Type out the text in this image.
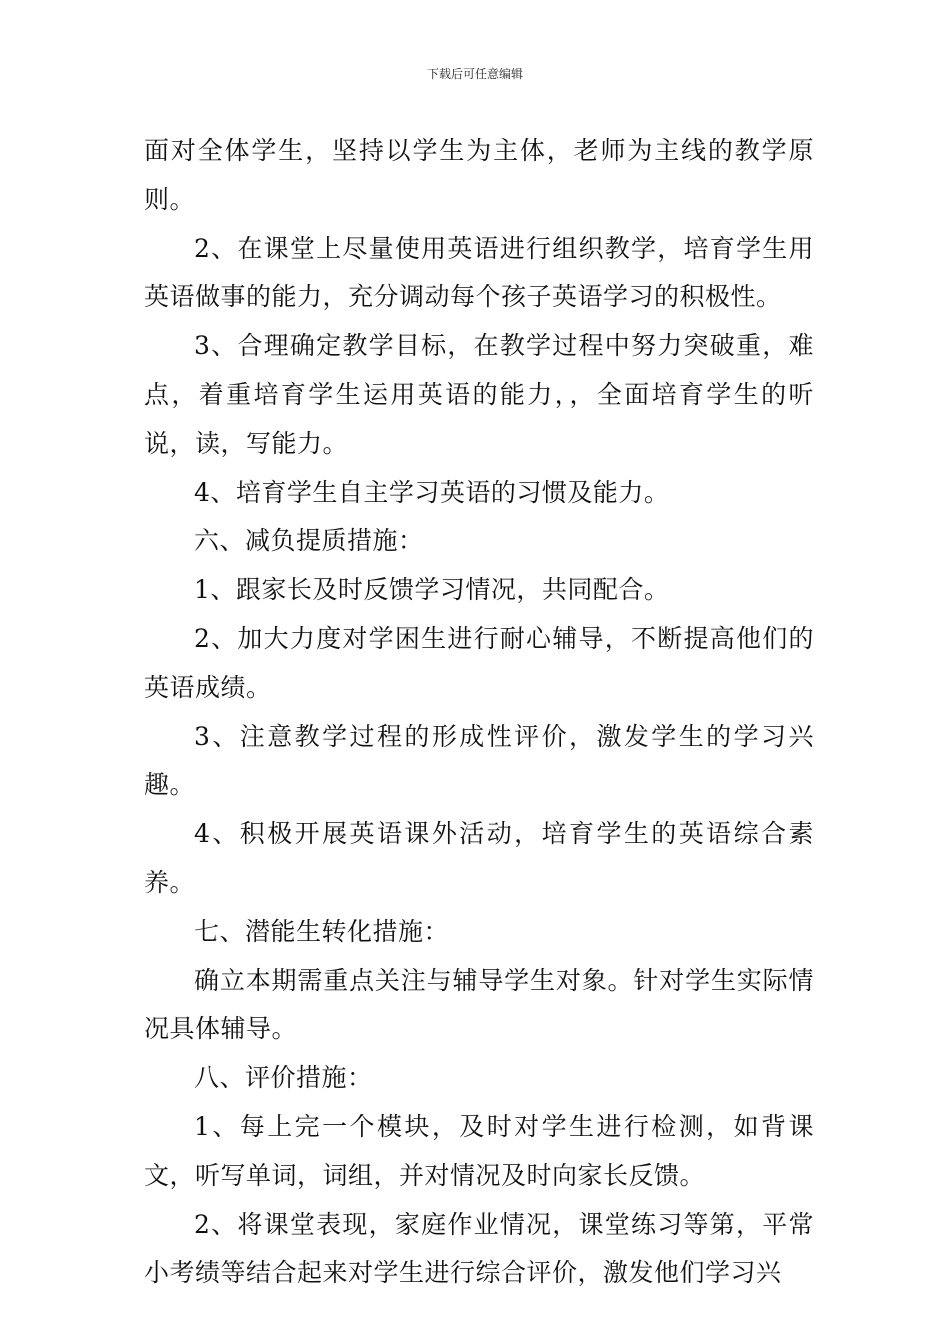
下载后可任意编辑

面对全体学生，坚持以学生为主体，老师为主线的教学原则。

2、在课堂上尽量使用英语进行组织教学，培育学生用英语做事的能力，充分调动每个孩子英语学习的积极性。

3、合理确定教学目标，在教学过程中努力突破重，难点，着重培育学生运用英语的能力，，全面培育学生的听说，读，写能力。

4、培育学生自主学习英语的习惯及能力。

六、减负提质措施：

1、跟家长及时反馈学习情况，共同配合。

2、加大力度对学困生进行耐心辅导，不断提高他们的英语成绩。

3、注意教学过程的形成性评价，激发学生的学习兴趣。

4、积极开展英语课外活动，培育学生的英语综合素养。

七、潜能生转化措施：

确立本期需重点关注与辅导学生对象。针对学生实际情况具体辅导。

八、评价措施：

1、每上完一个模块，及时对学生进行检测，如背课文，听写单词，词组，并对情况及时向家长反馈。

2、将课堂表现，家庭作业情况，课堂练习等第，平常小考绩等结合起来对学生进行综合评价，激发他们学习兴
